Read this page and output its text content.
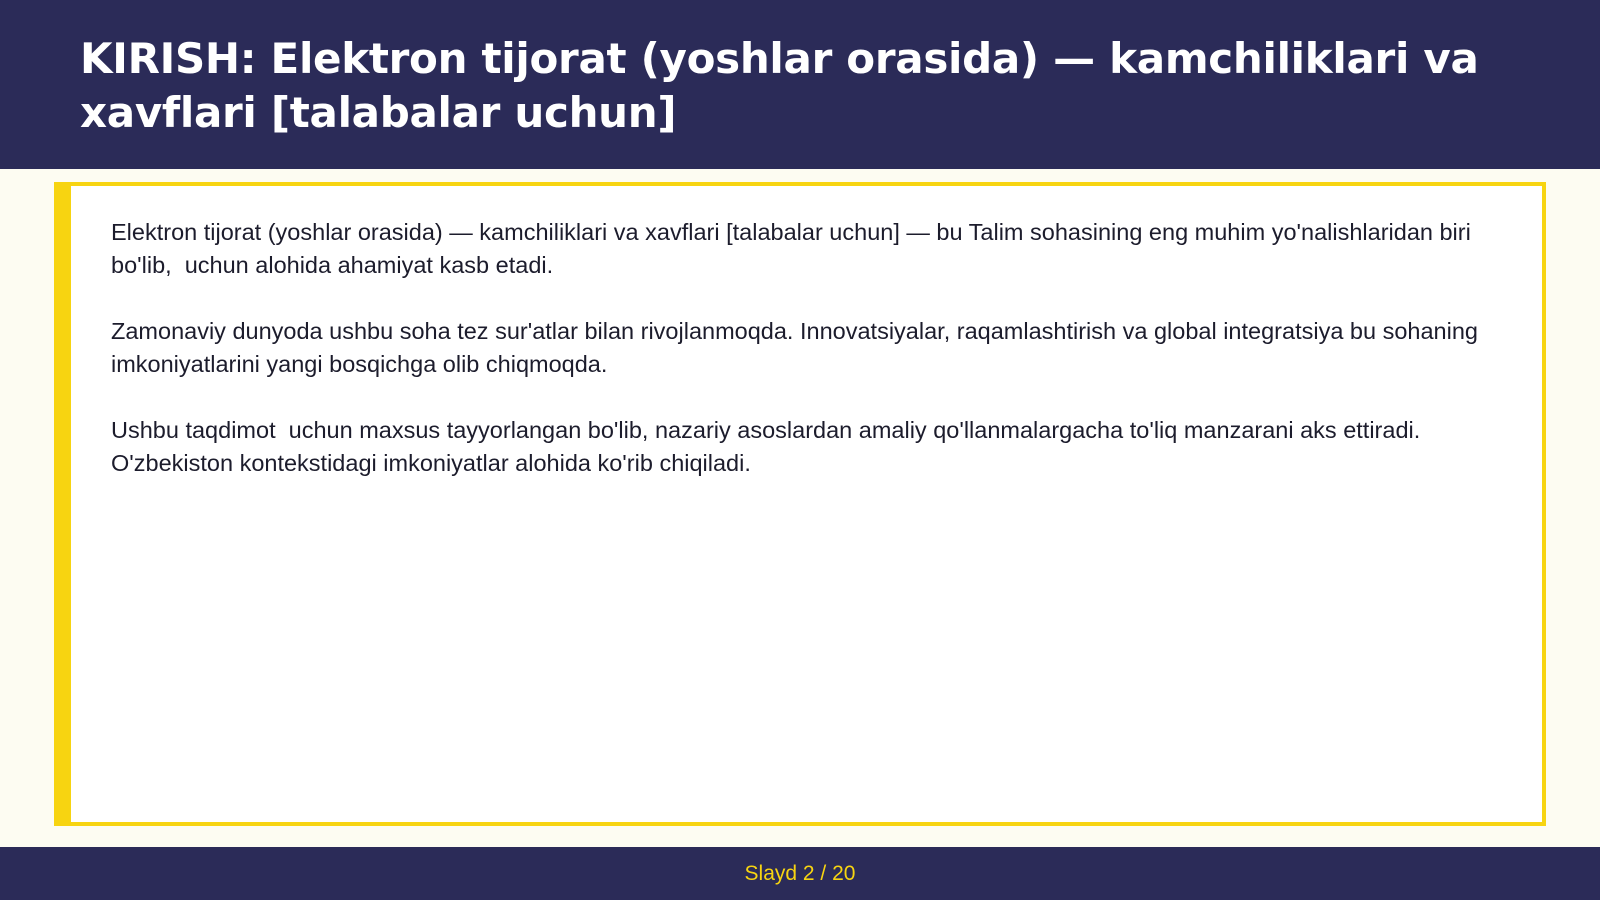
KIRISH: Elektron tijorat (yoshlar orasida) — kamchiliklari va xavflari [talabalar uchun]

Elektron tijorat (yoshlar orasida) — kamchiliklari va xavflari [talabalar uchun] — bu Talim sohasining eng muhim yo'nalishlaridan biri bo'lib,  uchun alohida ahamiyat kasb etadi.

Zamonaviy dunyoda ushbu soha tez sur'atlar bilan rivojlanmoqda. Innovatsiyalar, raqamlashtirish va global integratsiya bu sohaning imkoniyatlarini yangi bosqichga olib chiqmoqda.

Ushbu taqdimot  uchun maxsus tayyorlangan bo'lib, nazariy asoslardan amaliy qo'llanmalargacha to'liq manzarani aks ettiradi. O'zbekiston kontekstidagi imkoniyatlar alohida ko'rib chiqiladi.

Slayd 2 / 20
